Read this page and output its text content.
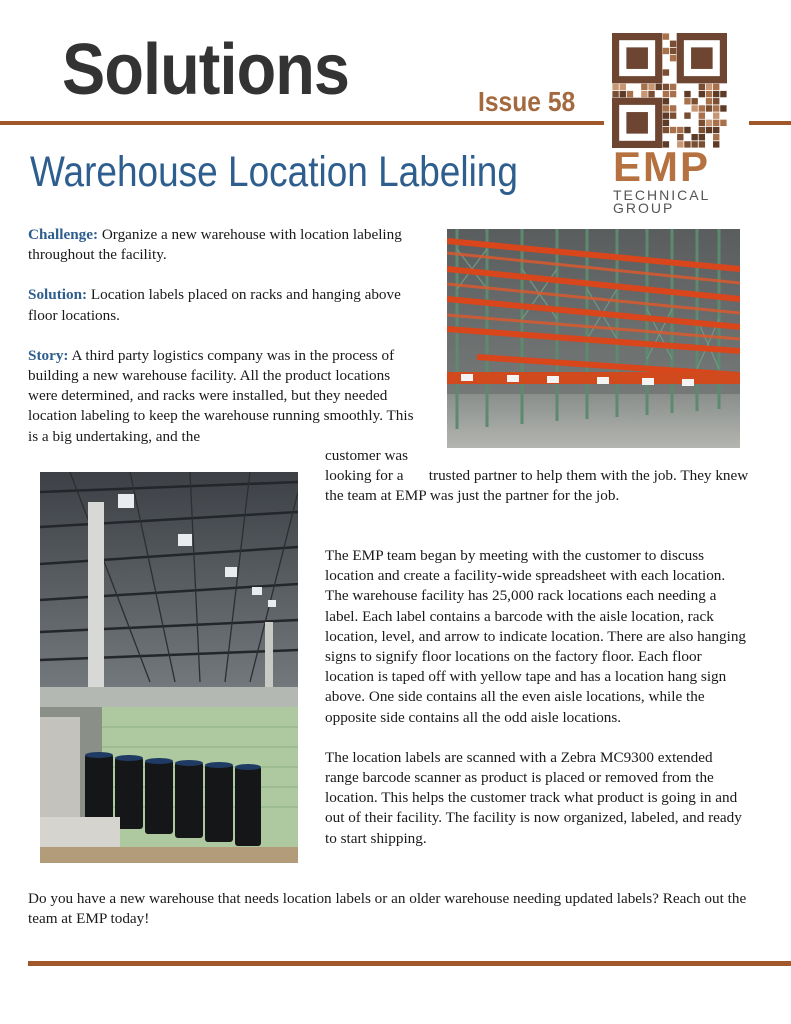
Solutions	Issue 58
Warehouse Location Labeling EMP
TECHNICAL
GROUP

Challenge: Organize a new warehouse with location labeling throughout the facility.

Solution: Location labels placed on racks and hanging above floor locations.

Story: A third party logistics company was in the process of building a new warehouse facility. All the product locations were determined, and racks were installed, but they needed location labeling to keep the warehouse running smoothly. This is a big undertaking, and the

customer was looking for a trusted partner to help them with the job. They knew the team at EMP was just the partner for the job.

The EMP team began by meeting with the customer to discuss location and create a facility-wide spreadsheet with each location. The warehouse facility has 25,000 rack locations each needing a label. Each label contains a barcode with the aisle location, rack location, level, and arrow to indicate location. There are also hanging signs to signify floor locations on the factory floor. Each floor location is taped off with yellow tape and has a location hang sign above. One side contains all the even aisle locations, while the opposite side contains all the odd aisle locations.

The location labels are scanned with a Zebra MC9300 extended range barcode scanner as product is placed or removed from the location. This helps the customer track what product is going in and out of their facility. The facility is now organized, labeled, and ready to start shipping.

Do you have a new warehouse that needs location labels or an older warehouse needing updated labels? Reach out the team at EMP today!
